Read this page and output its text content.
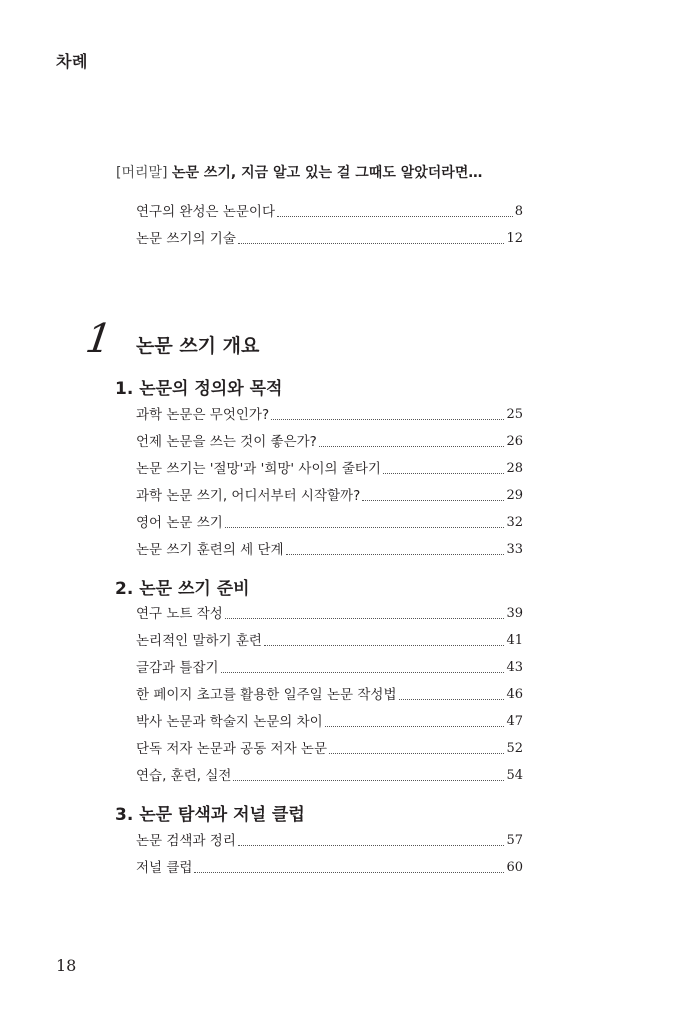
차례
[머리말] 논문 쓰기, 지금 알고 있는 걸 그때도 알았더라면…
연구의 완성은 논문이다	8
논문 쓰기의 기술	12
1 논문 쓰기 개요
1. 논문의 정의와 목적
과학 논문은 무엇인가?	25
언제 논문을 쓰는 것이 좋은가?	26
논문 쓰기는 '절망'과 '희망' 사이의 줄타기	28
과학 논문 쓰기, 어디서부터 시작할까?	29
영어 논문 쓰기	32
논문 쓰기 훈련의 세 단계	33
2. 논문 쓰기 준비
연구 노트 작성	39
논리적인 말하기 훈련	41
글감과 틀잡기	43
한 페이지 초고를 활용한 일주일 논문 작성법	46
박사 논문과 학술지 논문의 차이	47
단독 저자 논문과 공동 저자 논문	52
연습, 훈련, 실전	54
3. 논문 탐색과 저널 클럽
논문 검색과 정리	57
저널 클럽	60
18
